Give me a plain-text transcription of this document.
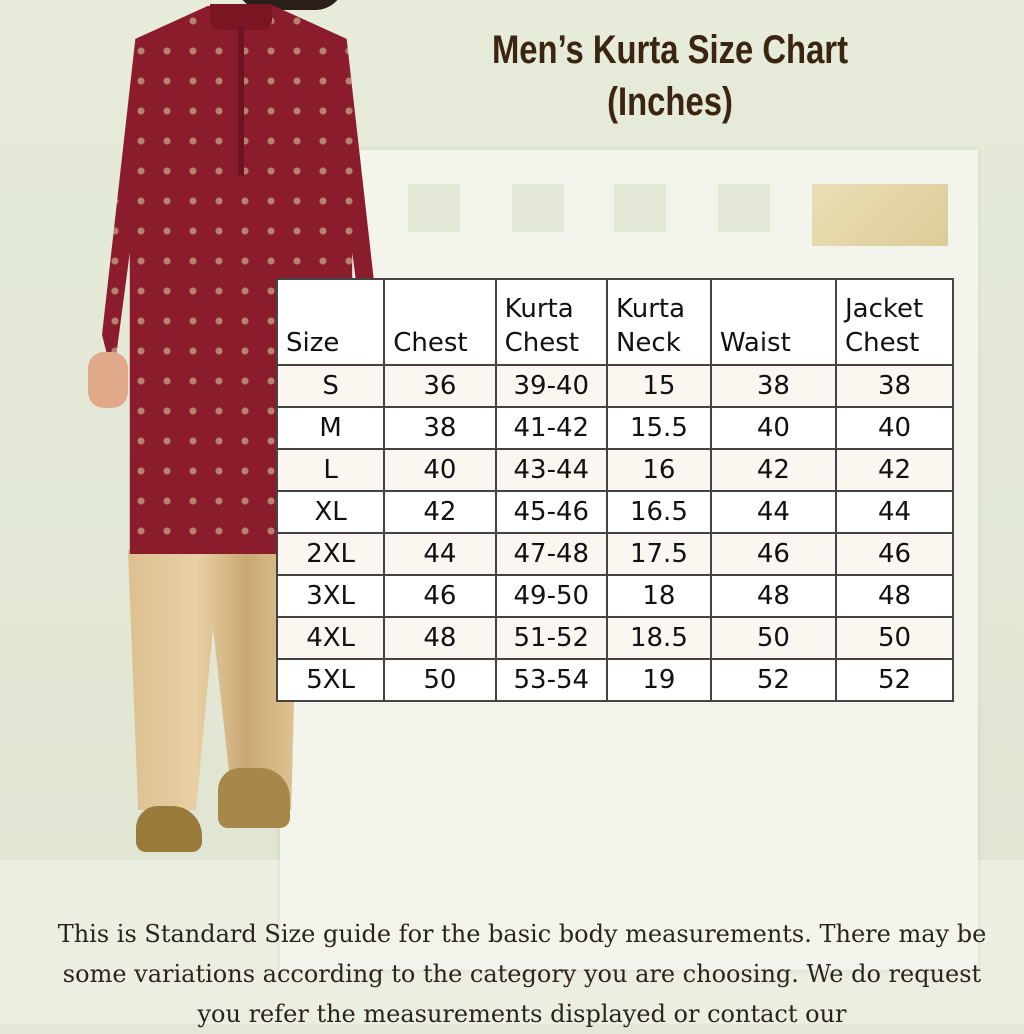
Men’s Kurta Size Chart
(Inches)
Size	Chest	Kurta Chest	Kurta Neck	Waist	Jacket Chest
S	36	39-40	15	38	38
M	38	41-42	15.5	40	40
L	40	43-44	16	42	42
XL	42	45-46	16.5	44	44
2XL	44	47-48	17.5	46	46
3XL	46	49-50	18	48	48
4XL	48	51-52	18.5	50	50
5XL	50	53-54	19	52	52

This is Standard Size guide for the basic body measurements. There may be some variations according to the category you are choosing. We do request you refer the measurements displayed or contact our
